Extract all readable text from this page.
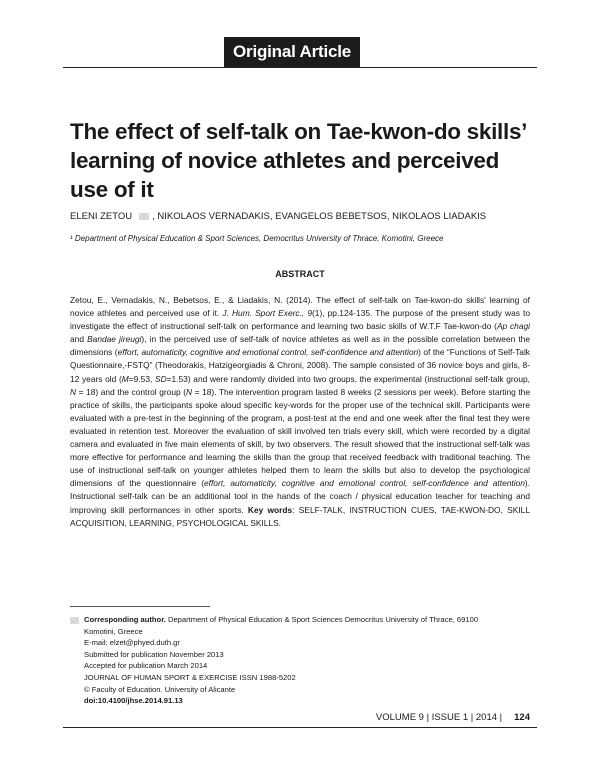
Original Article
The effect of self-talk on Tae-kwon-do skills’ learning of novice athletes and perceived use of it
ELENI ZETOU , NIKOLAOS VERNADAKIS, EVANGELOS BEBETSOS, NIKOLAOS LIADAKIS
¹ Department of Physical Education & Sport Sciences, Democritus University of Thrace, Komotini, Greece
ABSTRACT

Zetou, E., Vernadakis, N., Bebetsos, E., & Liadakis, N. (2014). The effect of self-talk on Tae-kwon-do skills' learning of novice athletes and perceived use of it. J. Hum. Sport Exerc., 9(1), pp.124-135. The purpose of the present study was to investigate the effect of instructional self-talk on performance and learning two basic skills of W.T.F Tae-kwon-do (Ap chagi and Bandae jireugi), in the perceived use of self-talk of novice athletes as well as in the possible correlation between the dimensions (effort, automaticity, cognitive and emotional control, self-confidence and attention) of the “Functions of Self-Talk Questionnaire,-FSTQ” (Theodorakis, Hatzigeorgiadis & Chroni, 2008). The sample consisted of 36 novice boys and girls, 8-12 years old (M=9.53, SD=1.53) and were randomly divided into two groups, the experimental (instructional self-talk group, N = 18) and the control group (N = 18). The intervention program lasted 8 weeks (2 sessions per week). Before starting the practice of skills, the participants spoke aloud specific key-words for the proper use of the technical skill. Participants were evaluated with a pre-test in the beginning of the program, a post-test at the end and one week after the final test they were evaluated in retention test. Moreover the evaluation of skill involved ten trials every skill, which were recorded by a digital camera and evaluated in five main elements of skill, by two observers. The result showed that the instructional self-talk was more effective for performance and learning the skills than the group that received feedback with traditional teaching. The use of instructional self-talk on younger athletes helped them to learn the skills but also to develop the psychological dimensions of the questionnaire (effort, automaticity, cognitive and emotional control, self-confidence and attention). Instructional self-talk can be an additional tool in the hands of the coach / physical education teacher for teaching and improving skill performances in other sports. Key words: SELF-TALK, INSTRUCTION CUES, TAE-KWON-DO, SKILL ACQUISITION, LEARNING, PSYCHOLOGICAL SKILLS.

Corresponding author. Department of Physical Education & Sport Sciences Democritus University of Thrace, 69100
Komotini, Greece
E-mail: elzet@phyed.duth.gr
Submitted for publication November 2013
Accepted for publication March 2014
JOURNAL OF HUMAN SPORT & EXERCISE ISSN 1988-5202
© Faculty of Education. University of Alicante
doi:10.4100/jhse.2014.91.13
VOLUME 9 | ISSUE 1 | 2014 | 124
